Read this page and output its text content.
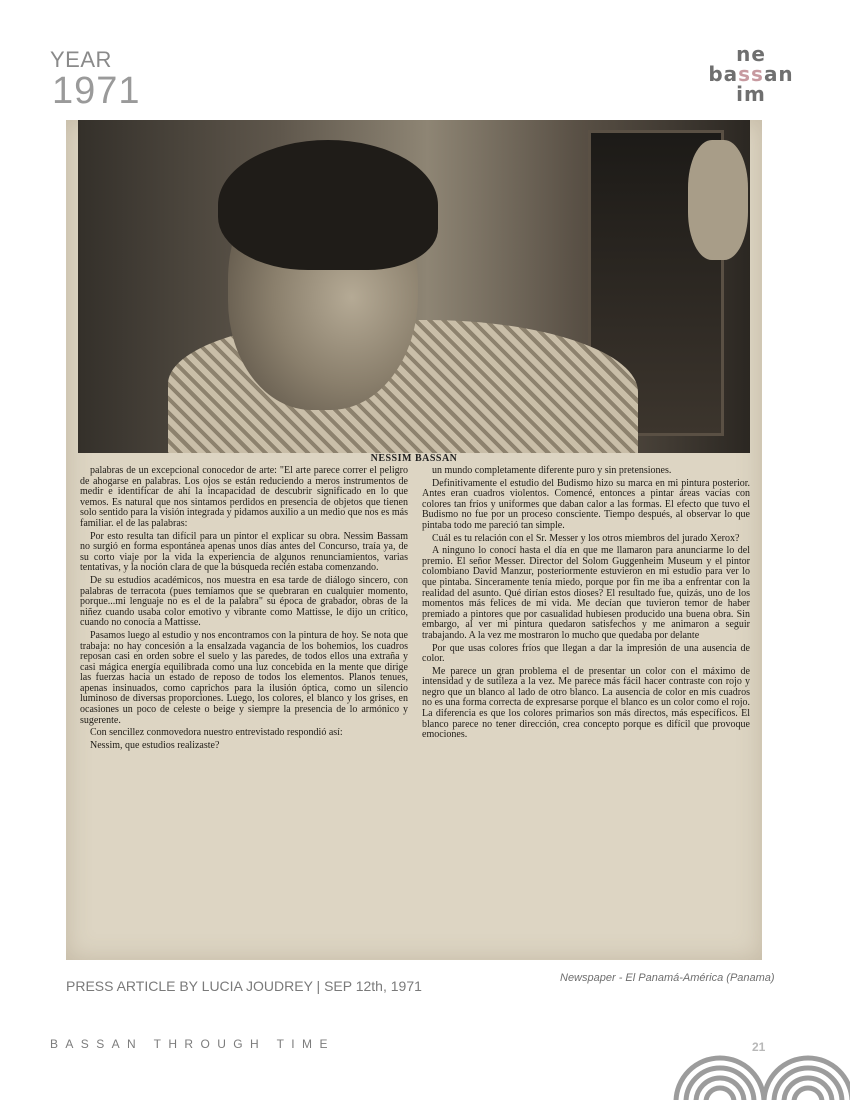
YEAR
1971
ne
bassan
im
NESSIM BASSAN

palabras de un excepcional conocedor de arte: "El arte parece correr el peligro de ahogarse en palabras. Los ojos se están reduciendo a meros instrumentos de medir e identificar de ahí la incapacidad de descubrir significado en lo que vemos. Es natural que nos sintamos perdidos en presencia de objetos que tienen solo sentido para la visión integrada y pidamos auxilio a un medio que nos es más familiar. el de las palabras:

Por esto resulta tan difícil para un pintor el explicar su obra. Nessim Bassam no surgió en forma espontánea apenas unos días antes del Concurso, traía ya, de su corto viaje por la vida la experiencia de algunos renunciamientos, varias tentativas, y la noción clara de que la búsqueda recién estaba comenzando.

De su estudios académicos, nos muestra en esa tarde de diálogo sincero, con palabras de terracota (pues temíamos que se quebraran en cualquier momento, porque...mi lenguaje no es el de la palabra" su época de grabador, obras de la niñez cuando usaba color emotivo y vibrante como Mattisse, le dijo un crítico, cuando no conocía a Mattisse.

Pasamos luego al estudio y nos encontramos con la pintura de hoy. Se nota que trabaja: no hay concesión a la ensalzada vagancia de los bohemios, los cuadros reposan casi en orden sobre el suelo y las paredes, de todos ellos una extraña y casi mágica energía equilibrada como una luz concebida en la mente que dirige las fuerzas hacia un estado de reposo de todos los elementos. Planos tenues, apenas insinuados, como caprichos para la ilusión óptica, como un silencio luminoso de diversas proporciones. Luego, los colores, el blanco y los grises, en ocasiones un poco de celeste o beige y siempre la presencia de lo armónico y sugerente.

Con sencillez conmovedora nuestro entrevistado respondió así:

Nessim, que estudios realizaste?

un mundo completamente diferente puro y sin pretensiones.

Definitivamente el estudio del Budismo hizo su marca en mi pintura posterior. Antes eran cuadros violentos. Comencé, entonces a pintar áreas vacías con colores tan fríos y uniformes que daban calor a las formas. El efecto que tuvo el Budismo no fue por un proceso consciente. Tiempo después, al observar lo que pintaba todo me pareció tan simple.

Cuál es tu relación con el Sr. Messer y los otros miembros del jurado Xerox?

A ninguno lo conocí hasta el día en que me llamaron para anunciarme lo del premio. El señor Messer. Director del Solom Guggenheim Museum y el pintor colombiano David Manzur, posteriormente estuvieron en mi estudio para ver lo que pintaba. Sinceramente tenía miedo, porque por fin me iba a enfrentar con la realidad del asunto. Qué dirían estos dioses? El resultado fue, quizás, uno de los momentos más felices de mi vida. Me decían que tuvieron temor de haber premiado a pintores que por casualidad hubiesen producido una buena obra. Sin embargo, al ver mi pintura quedaron satisfechos y me animaron a seguir trabajando. A la vez me mostraron lo mucho que quedaba por delante

Por que usas colores fríos que llegan a dar la impresión de una ausencia de color.

Me parece un gran problema el de presentar un color con el máximo de intensidad y de sutileza a la vez. Me parece más fácil hacer contraste con rojo y negro que un blanco al lado de otro blanco. La ausencia de color en mis cuadros no es una forma correcta de expresarse porque el blanco es un color como el rojo. La diferencia es que los colores primarios son más directos, más específicos. El blanco parece no tener dirección, crea concepto porque es difícil que provoque emociones.

PRESS ARTICLE BY LUCIA JOUDREY | SEP 12th, 1971	Newspaper - El Panamá-América (Panama)
BASSAN THROUGH TIME	21
